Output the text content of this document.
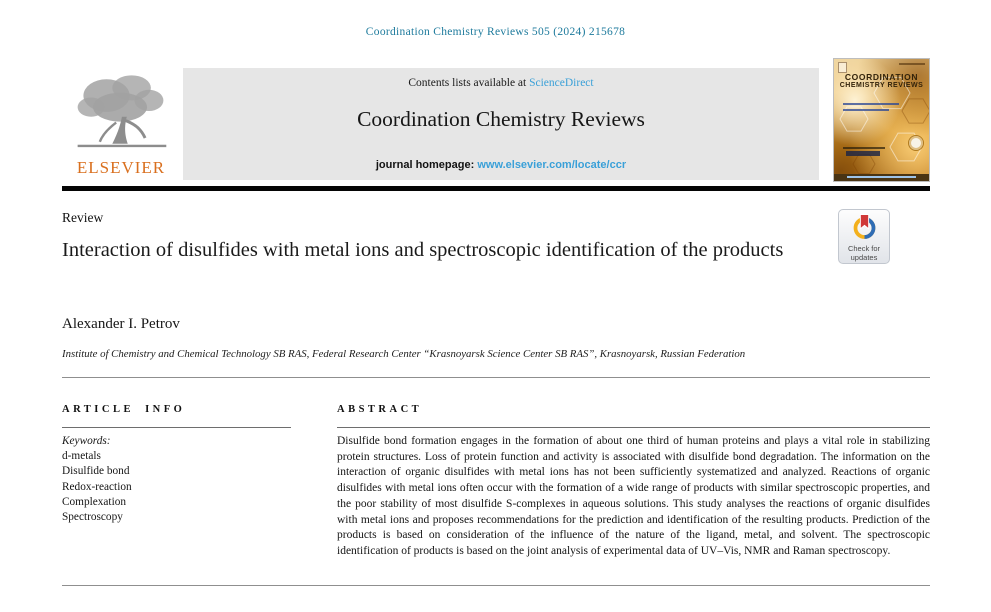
Coordination Chemistry Reviews 505 (2024) 215678
ELSEVIER
Contents lists available at ScienceDirect
Coordination Chemistry Reviews
journal homepage: www.elsevier.com/locate/ccr
COORDINATION
CHEMISTRY REVIEWS
Review
Check for
updates
Interaction of disulfides with metal ions and spectroscopic identification of the products
Alexander I. Petrov
Institute of Chemistry and Chemical Technology SB RAS, Federal Research Center “Krasnoyarsk Science Center SB RAS”, Krasnoyarsk, Russian Federation
ARTICLE INFO	ABSTRACT
Keywords:
d-metals
Disulfide bond
Redox-reaction
Complexation
Spectroscopy
Disulfide bond formation engages in the formation of about one third of human proteins and plays a vital role in stabilizing protein structures. Loss of protein function and activity is associated with disulfide bond degradation. The information on the interaction of organic disulfides with metal ions has not been sufficiently systematized and analyzed. Reactions of organic disulfides with metal ions often occur with the formation of a wide range of products with similar spectroscopic properties, and the poor stability of most disulfide S-complexes in aqueous solutions. This study analyses the reactions of organic disulfides with metal ions and proposes recommendations for the prediction and identification of the resulting products. Prediction of the products is based on consideration of the influence of the nature of the ligand, metal, and solvent. The spectroscopic identification of products is based on the joint analysis of experimental data of UV–Vis, NMR and Raman spectroscopy.
